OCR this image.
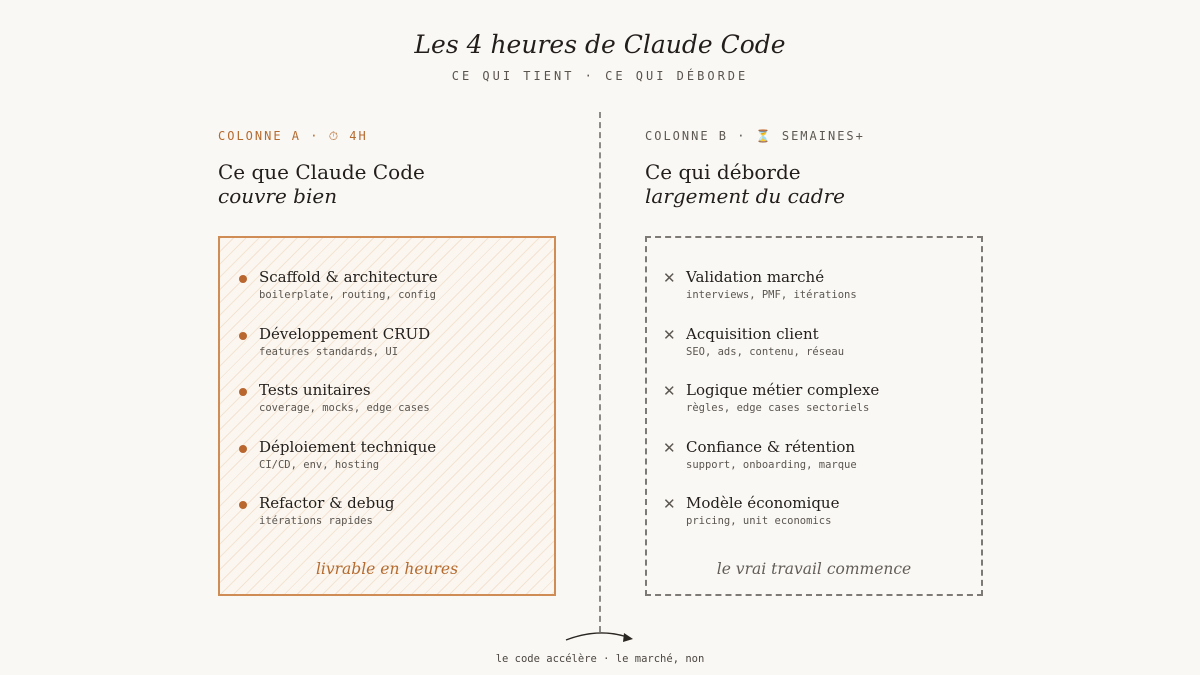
Les 4 heures de Claude Code
CE QUI TIENT · CE QUI DÉBORDE
COLONNE A · ⏱ 4H
Ce que Claude Code
couvre bien
Scaffold & architecture
boilerplate, routing, config
Développement CRUD
features standards, UI
Tests unitaires
coverage, mocks, edge cases
Déploiement technique
CI/CD, env, hosting
Refactor & debug
itérations rapides
livrable en heures
COLONNE B · ⏳ SEMAINES+
Ce qui déborde
largement du cadre
✕ Validation marché
interviews, PMF, itérations
✕ Acquisition client
SEO, ads, contenu, réseau
✕ Logique métier complexe
règles, edge cases sectoriels
✕ Confiance & rétention
support, onboarding, marque
✕ Modèle économique
pricing, unit economics
le vrai travail commence
le code accélère · le marché, non
